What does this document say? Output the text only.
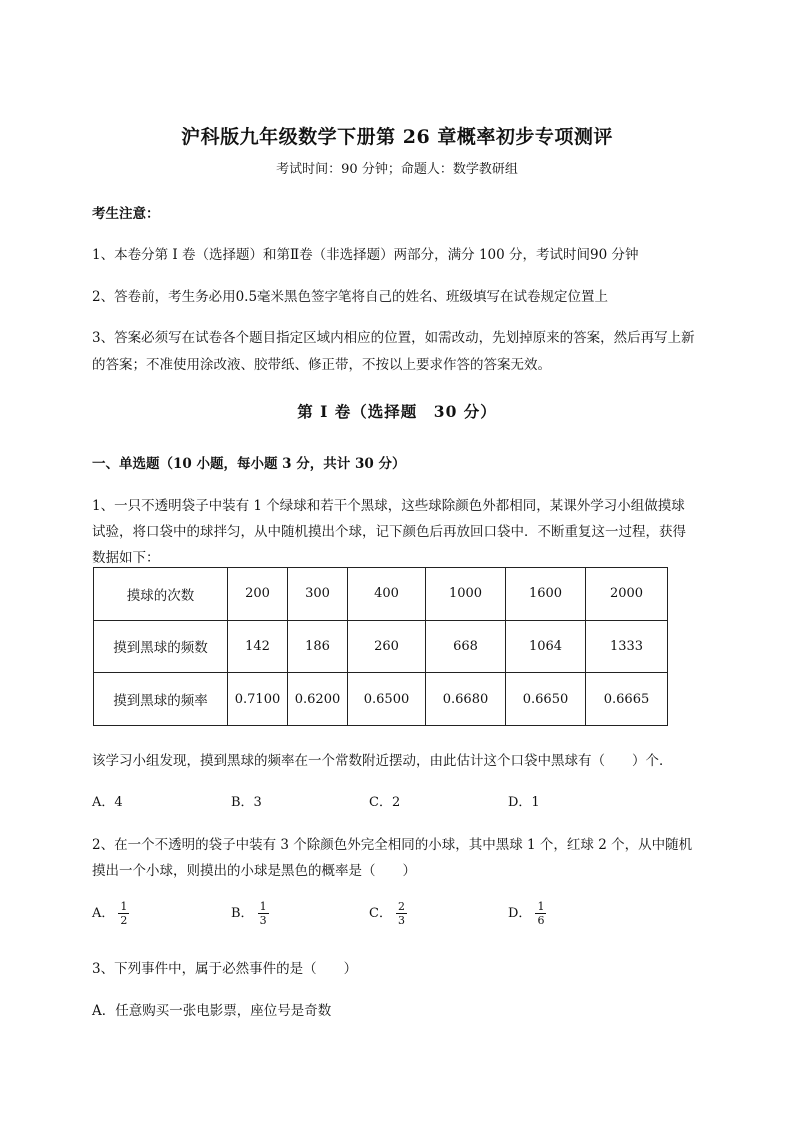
沪科版九年级数学下册第 26 章概率初步专项测评
考试时间：90 分钟；命题人：数学教研组
考生注意：
1、本卷分第 I 卷（选择题）和第Ⅱ卷（非选择题）两部分，满分 100 分，考试时间90 分钟
2、答卷前，考生务必用0.5毫米黑色签字笔将自己的姓名、班级填写在试卷规定位置上
3、答案必须写在试卷各个题目指定区域内相应的位置，如需改动，先划掉原来的答案，然后再写上新
的答案；不准使用涂改液、胶带纸、修正带，不按以上要求作答的答案无效。
第 I 卷（选择题　30 分）
一、单选题（10 小题，每小题 3 分，共计 30 分）
1、一只不透明袋子中装有 1 个绿球和若干个黑球，这些球除颜色外都相同，某课外学习小组做摸球
试验，将口袋中的球拌匀，从中随机摸出个球，记下颜色后再放回口袋中．不断重复这一过程，获得
数据如下：
摸球的次数	200	300	400	1000	1600	2000
摸到黑球的频数	142	186	260	668	1064	1333
摸到黑球的频率	0.7100	0.6200	0.6500	0.6680	0.6650	0.6665
该学习小组发现，摸到黑球的频率在一个常数附近摆动，由此估计这个口袋中黑球有（　　）个．
A．4	B．3	C．2	D．1
2、在一个不透明的袋子中装有 3 个除颜色外完全相同的小球，其中黑球 1 个，红球 2 个，从中随机
摸出一个小球，则摸出的小球是黑色的概率是（　　）
A． $\frac{1}{2}$	B． $\frac{1}{3}$	C． $\frac{2}{3}$	D． $\frac{1}{6}$
3、下列事件中，属于必然事件的是（　　）
A．任意购买一张电影票，座位号是奇数
